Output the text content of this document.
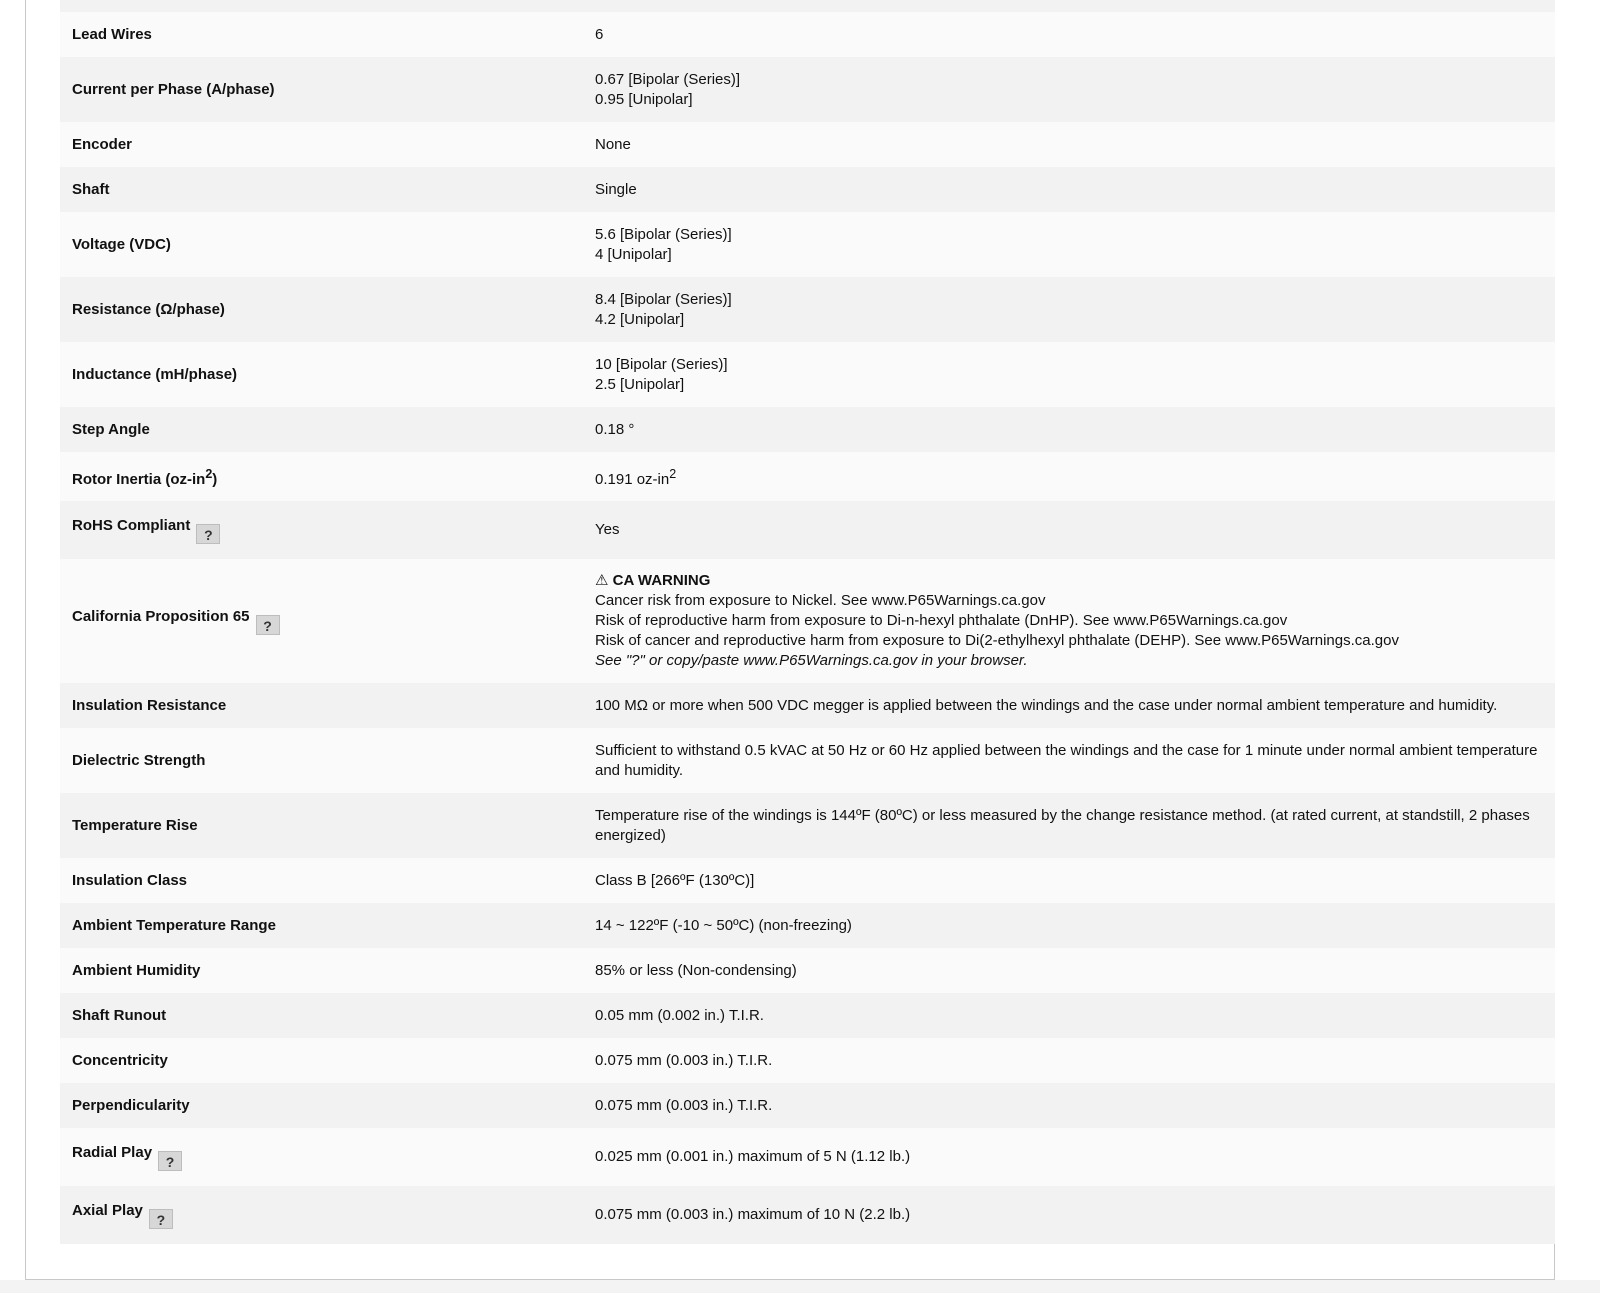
Lead Wires	6
Current per Phase (A/phase)	0.67 [Bipolar (Series)]
0.95 [Unipolar]

Encoder	None
Shaft	Single
Voltage (VDC)	5.6 [Bipolar (Series)]
4 [Unipolar]

Resistance (Ω/phase)	8.4 [Bipolar (Series)]
4.2 [Unipolar]

Inductance (mH/phase)	10 [Bipolar (Series)]
2.5 [Unipolar]

Step Angle	0.18 °
Rotor Inertia $(oz-in^2)$	0.191 $oz-in^2$
RoHS Compliant?	Yes
California Proposition 65?	⚠ CA WARNING
Cancer risk from exposure to Nickel. See www.P65Warnings.ca.gov
Risk of reproductive harm from exposure to Di-n-hexyl phthalate (DnHP). See www.P65Warnings.ca.gov
Risk of cancer and reproductive harm from exposure to Di(2-ethylhexyl phthalate (DEHP). See www.P65Warnings.ca.gov
See "?" or copy/paste www.P65Warnings.ca.gov in your browser.

Insulation Resistance	100 MΩ or more when 500 VDC megger is applied between the windings and the case under normal ambient temperature and humidity.
Dielectric Strength	Sufficient to withstand 0.5 kVAC at 50 Hz or 60 Hz applied between the windings and the case for 1 minute under normal ambient temperature and humidity.
Temperature Rise	Temperature rise of the windings is 144ºF (80ºC) or less measured by the change resistance method. (at rated current, at standstill, 2 phases energized)
Insulation Class	Class B [266ºF (130ºC)]
Ambient Temperature Range	14 ~ 122ºF (-10 ~ 50ºC) (non-freezing)
Ambient Humidity	85% or less (Non-condensing)
Shaft Runout	0.05 mm (0.002 in.) T.I.R.
Concentricity	0.075 mm (0.003 in.) T.I.R.
Perpendicularity	0.075 mm (0.003 in.) T.I.R.
Radial Play?	0.025 mm (0.001 in.) maximum of 5 N (1.12 lb.)
Axial Play?	0.075 mm (0.003 in.) maximum of 10 N (2.2 lb.)
